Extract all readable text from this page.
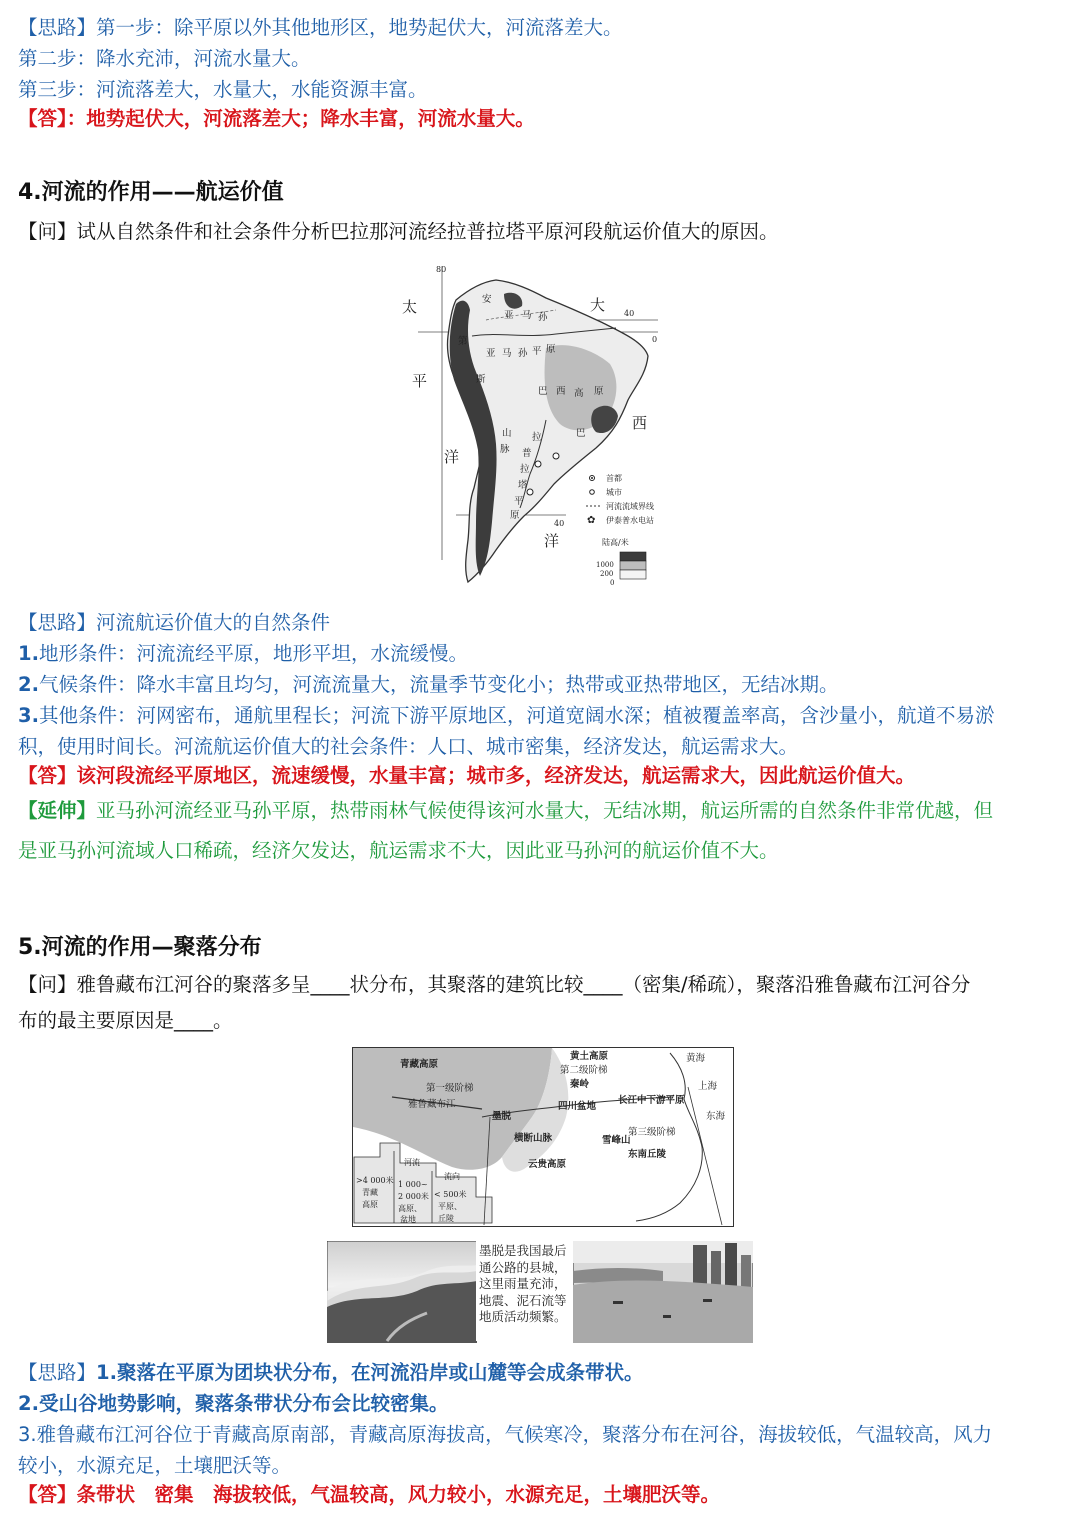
【思路】第一步：除平原以外其他地形区，地势起伏大，河流落差大。
第二步：降水充沛，河流水量大。
第三步：河流落差大，水量大，水能资源丰富。
【答】：地势起伏大，河流落差大；降水丰富，河流水量大。
4.河流的作用——航运价值
【问】试从自然条件和社会条件分析巴拉那河流经拉普拉塔平原河段航运价值大的原因。
80
40
0
40
太
平
洋
大
西
洋
安
第
亚 马 孙
亚 马 孙 平 原
斯
巴 西 高 原
巴
拉
普
拉
塔
平
原
山
脉
首都
城市
河流流域界线
✿ 伊泰普水电站
陆高/米
1000
200
0
【思路】河流航运价值大的自然条件
1.地形条件：河流流经平原，地形平坦，水流缓慢。
2.气候条件：降水丰富且均匀，河流流量大，流量季节变化小；热带或亚热带地区，无结冰期。
3.其他条件：河网密布，通航里程长；河流下游平原地区，河道宽阔水深；植被覆盖率高，含沙量小，航道不易淤
积，使用时间长。河流航运价值大的社会条件：人口、城市密集，经济发达，航运需求大。
【答】该河段流经平原地区，流速缓慢，水量丰富；城市多，经济发达，航运需求大，因此航运价值大。
【延伸】亚马孙河流经亚马孙平原，热带雨林气候使得该河水量大，无结冰期，航运所需的自然条件非常优越，但
是亚马孙河流域人口稀疏，经济欠发达，航运需求不大，因此亚马孙河的航运价值不大。
5.河流的作用—聚落分布
【问】雅鲁藏布江河谷的聚落多呈____状分布，其聚落的建筑比较____（密集/稀疏），聚落沿雅鲁藏布江河谷分
布的最主要原因是____。
青藏高原
黄土高原	黄海
第一级阶梯
第二级阶梯
秦岭	上海
雅鲁藏布江
墨脱
四川盆地
长江中下游平原
东海
横断山脉	雪峰山
第三级阶梯
云贵高原
东南丘陵
河流
流向
>4 000米
青藏
高原
1 000~
2 000米
高原、
盆地
< 500米
平原、
丘陵
墨脱是我国最后通公路的县城，这里雨量充沛，地震、泥石流等地质活动频繁。
【思路】1.聚落在平原为团块状分布，在河流沿岸或山麓等会成条带状。
2.受山谷地势影响，聚落条带状分布会比较密集。
3.雅鲁藏布江河谷位于青藏高原南部，青藏高原海拔高，气候寒冷，聚落分布在河谷，海拔较低，气温较高，风力
较小，水源充足，土壤肥沃等。
【答】条带状　密集　海拔较低，气温较高，风力较小，水源充足，土壤肥沃等。
